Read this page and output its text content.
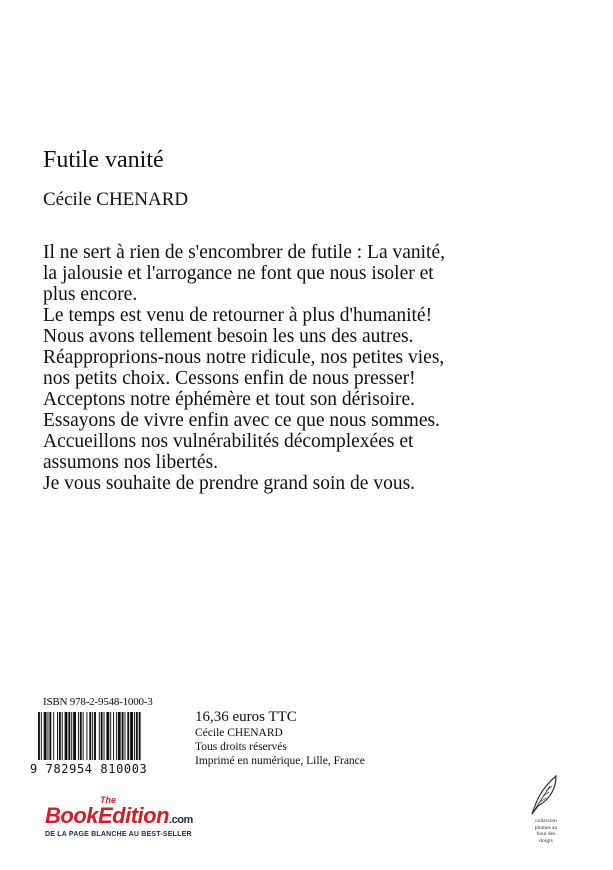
Futile vanité
Cécile CHENARD

Il ne sert à rien de s'encombrer de futile : La vanité, la jalousie et l'arrogance ne font que nous isoler et plus encore.

Le temps est venu de retourner à plus d'humanité!

Nous avons tellement besoin les uns des autres.

Réapproprions-nous notre ridicule, nos petites vies, nos petits choix. Cessons enfin de nous presser! Acceptons notre éphémère et tout son dérisoire. Essayons de vivre enfin avec ce que nous sommes. Accueillons nos vulnérabilités décomplexées et assumons nos libertés.

Je vous souhaite de prendre grand soin de vous.

ISBN 978-2-9548-1000-3
9 782954 810003
16,36 euros TTC
Cécile CHENARD
Tous droits réservés
Imprimé en numérique, Lille, France
The
BookEdition.com
DE LA PAGE BLANCHE AU BEST-SELLER
collection
plumes au
bout des
doigts
